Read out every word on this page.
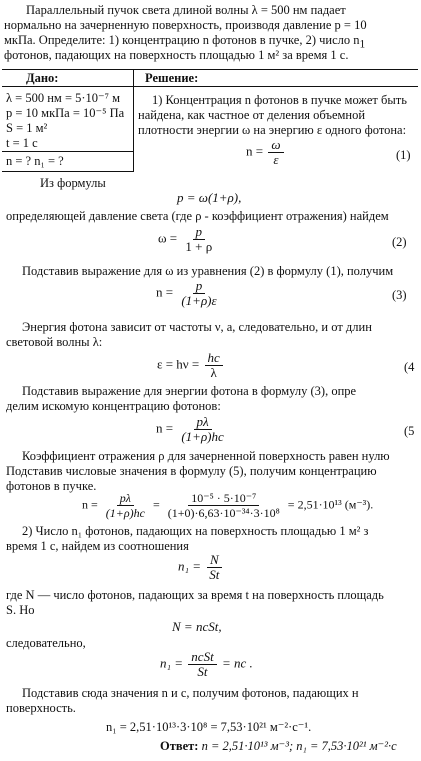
Параллельный пучок света длиной волны λ = 500 нм падает
нормально на зачерненную поверхность, производя давление p = 10
мкПа. Определите: 1) концентрацию n фотонов в пучке, 2) число $n_1$
фотонов, падающих на поверхность площадью 1 м² за время 1 с.
Дано:	Решение:
λ = 500 нм = 5·10⁻⁷ м
p = 10 мкПа = 10⁻⁵ Па
S = 1 м²
t = 1 с
n = ? n₁ = ?
1) Концентрация n фотонов в пучке может быть
найдена, как частное от деления объемной
плотности энергии ω на энергию ε одного фотона:
$n = \frac{\omega}{\varepsilon}$	(1)
Из формулы
p = ω(1+ρ),
определяющей давление света (где ρ - коэффициент отражения) найдем
$\omega = \frac{p}{1 + \rho}$	(2)
Подставив выражение для ω из уравнения (2) в формулу (1), получим
$n = \frac{p}{(1+\rho)\varepsilon}$	(3)
Энергия фотона зависит от частоты ν, а, следовательно, и от длин
световой волны λ:
$\varepsilon = h\nu = \frac{hc}{\lambda}$	(4
Подставив выражение для энергии фотона в формулу (3), опре
делим искомую концентрацию фотонов:
$n = \frac{p\lambda}{(1+\rho)hc}$	(5
Коэффициент отражения ρ для зачерненной поверхность равен нулю
Подставив числовые значения в формулу (5), получим концентрацию
фотонов в пучке.
$n = \frac{p\lambda}{(1+\rho)hc} = \frac{\text{10⁻⁵ · 5·10⁻⁷}}{\text{(1+0)·6,63·10⁻³⁴·3·10⁸}} = 2,51\cdot 10^{13}$ (м⁻³).
2) Число n₁ фотонов, падающих на поверхность площадью 1 м² з
время 1 с, найдем из соотношения
$n_1 = \frac{N}{St}$
где N — число фотонов, падающих за время t на поверхность площадь
S. Но
N = ncSt,
следовательно,
$n_1 = \frac{\text{ncSt}}{St}$ = nc .
Подставив сюда значения n и c, получим фотонов, падающих н
поверхность.
n₁ = 2,51·10¹³·3·10⁸ = 7,53·10²¹ м⁻²·с⁻¹.
Ответ: n = 2,51·10¹³ м⁻³; n₁ = 7,53·10²¹ м⁻²·с
